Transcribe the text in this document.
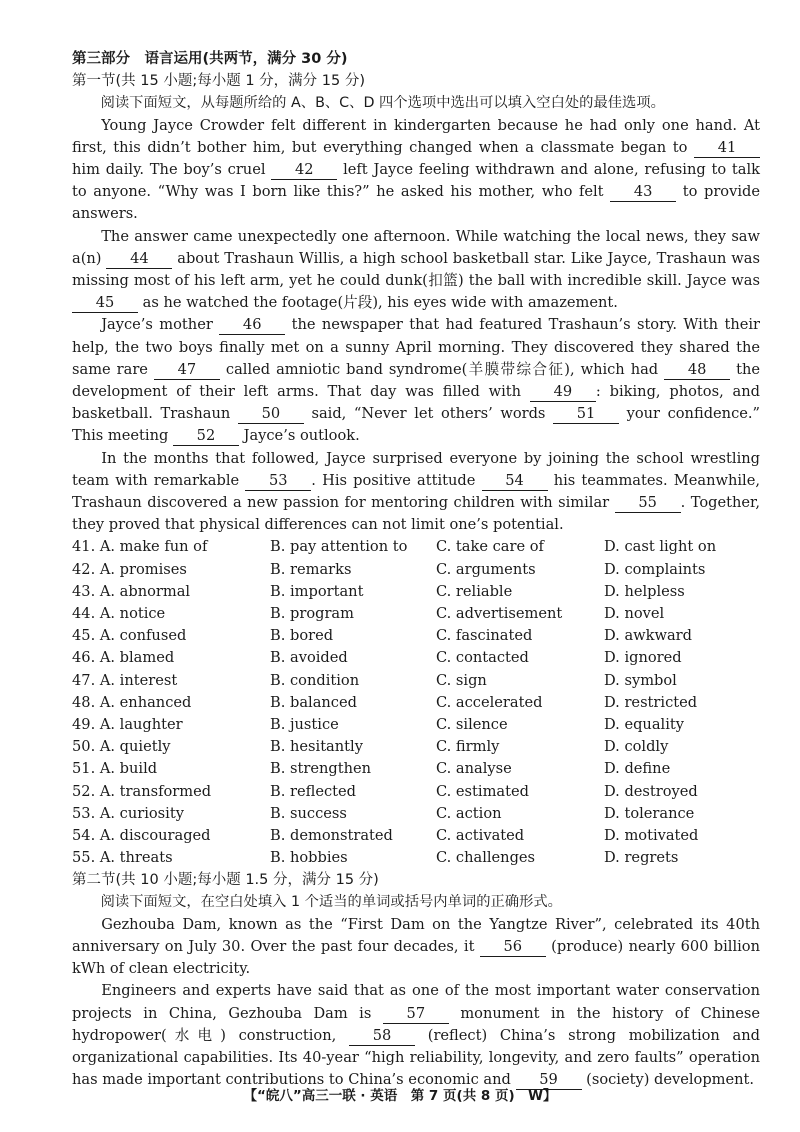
第三部分　语言运用(共两节，满分 30 分)
第一节(共 15 小题;每小题 1 分，满分 15 分)
阅读下面短文，从每题所给的 A、B、C、D 四个选项中选出可以填入空白处的最佳选项。

Young Jayce Crowder felt different in kindergarten because he had only one hand. At first, this didn’t bother him, but everything changed when a classmate began to 41 him daily. The boy’s cruel 42 left Jayce feeling withdrawn and alone, refusing to talk to anyone. “Why was I born like this?” he asked his mother, who felt 43 to provide answers.

The answer came unexpectedly one afternoon. While watching the local news, they saw a(n) 44 about Trashaun Willis, a high school basketball star. Like Jayce, Trashaun was missing most of his left arm, yet he could dunk(扣篮) the ball with incredible skill. Jayce was 45 as he watched the footage(片段), his eyes wide with amazement.

Jayce’s mother 46 the newspaper that had featured Trashaun’s story. With their help, the two boys finally met on a sunny April morning. They discovered they shared the same rare 47 called amniotic band syndrome(羊膜带综合征), which had 48 the development of their left arms. That day was filled with 49 : biking, photos, and basketball. Trashaun 50 said, “Never let others’ words 51 your confidence.” This meeting 52 Jayce’s outlook.

In the months that followed, Jayce surprised everyone by joining the school wrestling team with remarkable 53 . His positive attitude 54 his teammates. Meanwhile, Trashaun discovered a new passion for mentoring children with similar 55 . Together, they proved that physical differences can not limit one’s potential.

41. A. make fun of	B. pay attention to	C. take care of	D. cast light on
42. A. promises	B. remarks	C. arguments	D. complaints
43. A. abnormal	B. important	C. reliable	D. helpless
44. A. notice	B. program	C. advertisement	D. novel
45. A. confused	B. bored	C. fascinated	D. awkward
46. A. blamed	B. avoided	C. contacted	D. ignored
47. A. interest	B. condition	C. sign	D. symbol
48. A. enhanced	B. balanced	C. accelerated	D. restricted
49. A. laughter	B. justice	C. silence	D. equality
50. A. quietly	B. hesitantly	C. firmly	D. coldly
51. A. build	B. strengthen	C. analyse	D. define
52. A. transformed	B. reflected	C. estimated	D. destroyed
53. A. curiosity	B. success	C. action	D. tolerance
54. A. discouraged	B. demonstrated	C. activated	D. motivated
55. A. threats	B. hobbies	C. challenges	D. regrets
第二节(共 10 小题;每小题 1.5 分，满分 15 分)
阅读下面短文，在空白处填入 1 个适当的单词或括号内单词的正确形式。

Gezhouba Dam, known as the “First Dam on the Yangtze River”, celebrated its 40th anniversary on July 30. Over the past four decades, it 56 (produce) nearly 600 billion kWh of clean electricity.

Engineers and experts have said that as one of the most important water conservation projects in China, Gezhouba Dam is 57 monument in the history of Chinese hydropower(水电) construction, 58 (reflect) China’s strong mobilization and organizational capabilities. Its 40-year “high reliability, longevity, and zero faults” operation has made important contributions to China’s economic and 59 (society) development.

【“皖八”高三一联 · 英语　第 7 页(共 8 页)　W】
